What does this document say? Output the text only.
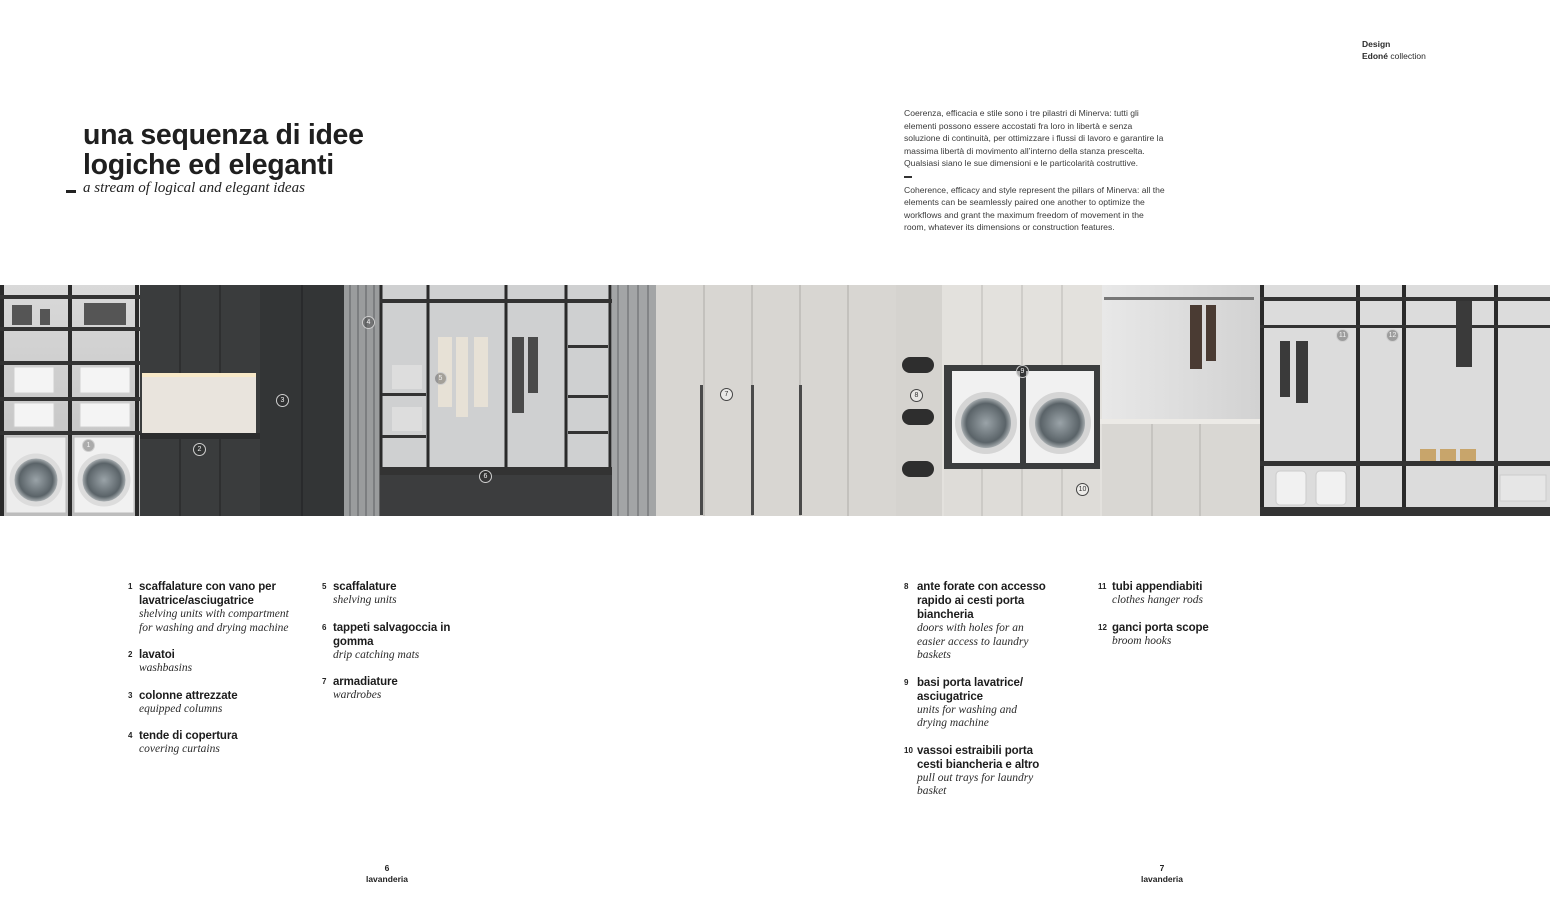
Design
Edoné collection
una sequenza di idee
logiche ed eleganti
a stream of logical and elegant ideas

Coerenza, efficacia e stile sono i tre pilastri di Minerva: tutti gli elementi possono essere accostati fra loro in libertà e senza soluzione di continuità, per ottimizzare i flussi di lavoro e garantire la massima libertà di movimento all’interno della stanza prescelta. Qualsiasi siano le sue dimensioni e le particolarità costruttive.

Coherence, efficacy and style represent the pillars of Minerva: all the elements can be seamlessly paired one another to optimize the workflows and grant the maximum freedom of movement in the room, whatever its dimensions or construction features.

1
2
3
4
5
6
7	8
9
10
11	12
1 scaffalature con vano per lavatrice/asciugatrice
shelving units with compartment for washing and drying machine
2 lavatoi
washbasins
3 colonne attrezzate
equipped columns
4 tende di copertura
covering curtains
5 scaffalature
shelving units
6 tappeti salvagoccia in gomma
drip catching mats
7 armadiature
wardrobes
8 ante forate con accesso rapido ai cesti porta biancheria
doors with holes for an easier access to laundry baskets
9 basi porta lavatrice/ asciugatrice
units for washing and drying machine
10 vassoi estraibili porta cesti biancheria e altro
pull out trays for laundry basket
11 tubi appendiabiti
clothes hanger rods
12 ganci porta scope
broom hooks
6
lavanderia
7
lavanderia
